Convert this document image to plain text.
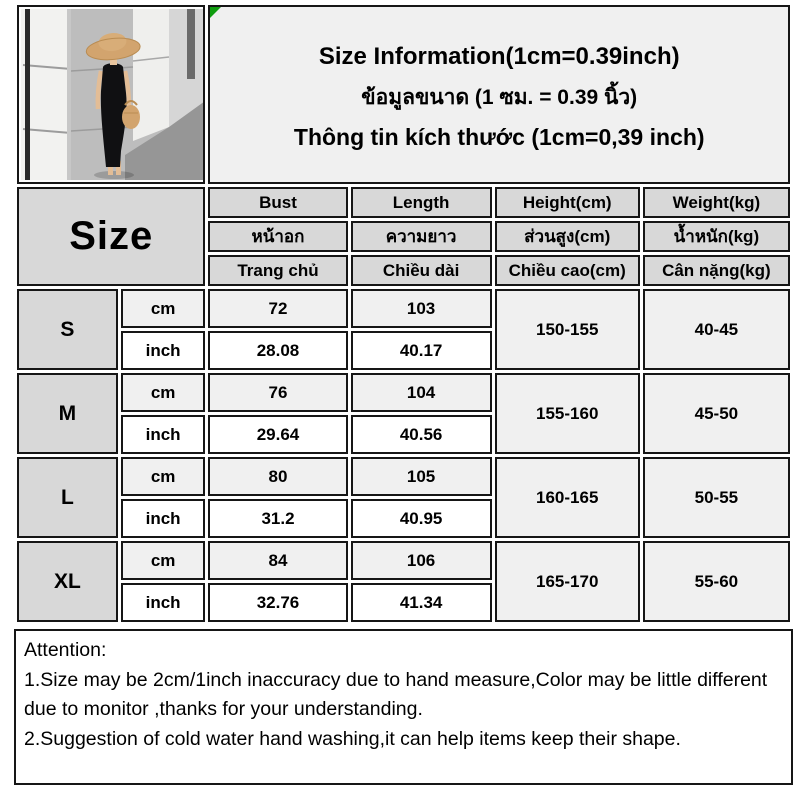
Size Information(1cm=0.39inch)
ข้อมูลขนาด (1 ซม. = 0.39 นิ้ว)
Thông tin kích thước (1cm=0,39 inch)			

Size		Bust	Length	Height(cm)	Weight(kg)
		หน้าอก	ความยาว	ส่วนสูง(cm)	น้ำหนัก(kg)
		Trang chủ	Chiều dài	Chiều cao(cm)	Cân nặng(kg)
S	cm	72	103	150-155	40-45
	inch	28.08	40.17		
M	cm	76	104	155-160	45-50
	inch	29.64	40.56		
L	cm	80	105	160-165	50-55
	inch	31.2	40.95		
XL	cm	84	106	165-170	55-60
	inch	32.76	41.34		
Attention:
1.Size may be 2cm/1inch inaccuracy due to hand measure,Color may be little different due to monitor ,thanks for your understanding.
2.Suggestion of cold water hand washing,it can help items keep their shape.
